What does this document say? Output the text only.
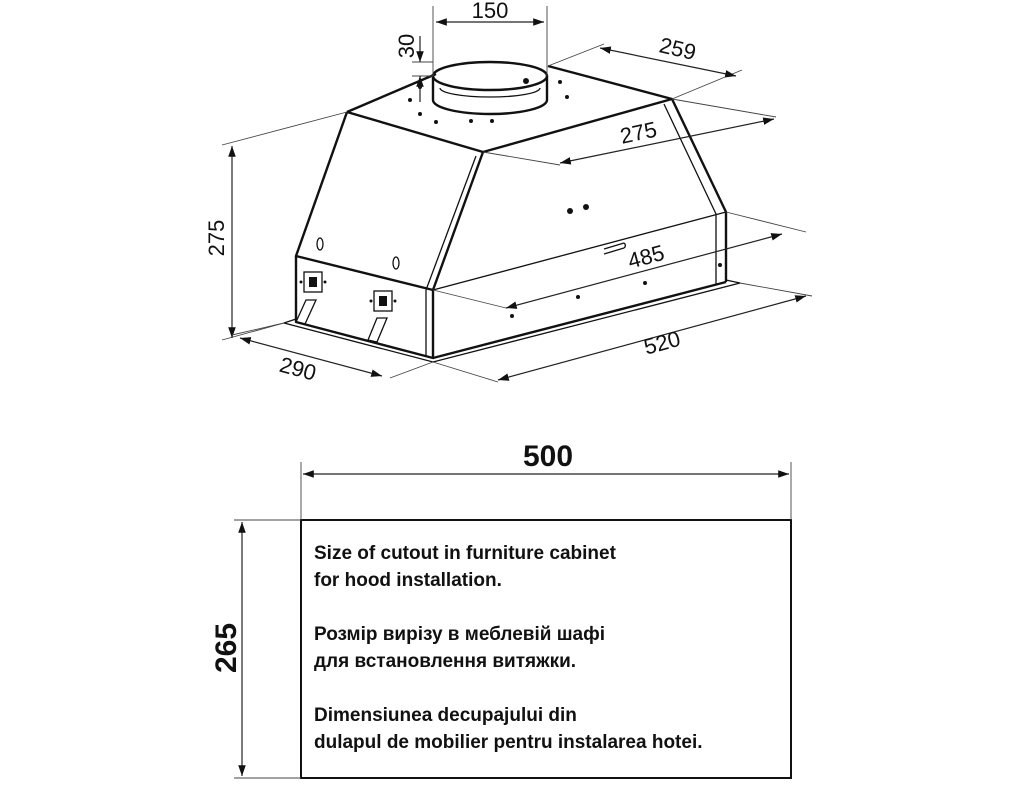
150
30	259
275
275
485
290
520
500
265

Size of cutout in furniture cabinet
for hood installation.

Розмір вирізу в меблевій шафі
для встановлення витяжки.

Dimensiunea decupajului din
dulapul de mobilier pentru instalarea hotei.
